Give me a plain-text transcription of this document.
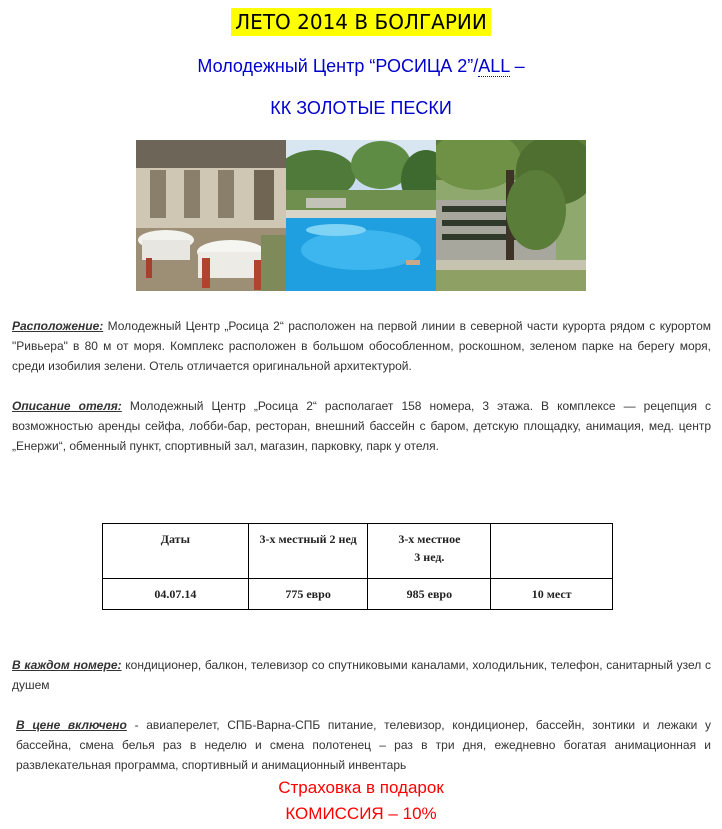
ЛЕТО 2014 В БОЛГАРИИ
Молодежный Центр “РОСИЦА 2”/ALL –
КК ЗОЛОТЫЕ ПЕСКИ
Расположение: Молодежный Центр „Росица 2“ расположен на первой линии в северной части курорта рядом с курортом "Ривьера" в 80 м от моря. Комплекс расположен в большом обособленном, роскошном, зеленом парке на берегу моря, среди изобилия зелени. Отель отличается оригинальной архитектурой.
Описание отеля: Молодежный Центр „Росица 2“ располагает 158 номера, 3 этажа. В комплексе — рецепция с возможностью аренды сейфа, лобби-бар, ресторан, внешний бассейн с баром, детскую площадку, анимация, мед. центр „Енержи“, обменный пункт, спортивный зал, магазин, парковку, парк у отеля.
Даты	3-х местный 2 нед	3-х местное
3 нед.	
04.07.14	775 евро	985 евро	10 мест
В каждом номере: кондиционер, балкон, телевизор со спутниковыми каналами, холодильник, телефон, санитарный узел с душем
В цене включено - авиаперелет, СПБ-Варна-СПБ питание, телевизор, кондиционер, бассейн, зонтики и лежаки у бассейна, смена белья раз в неделю и смена полотенец – раз в три дня, ежедневно богатая анимационная и развлекательная программа, спортивный и анимационный инвентарь
Страховка в подарок
КОМИССИЯ – 10%
